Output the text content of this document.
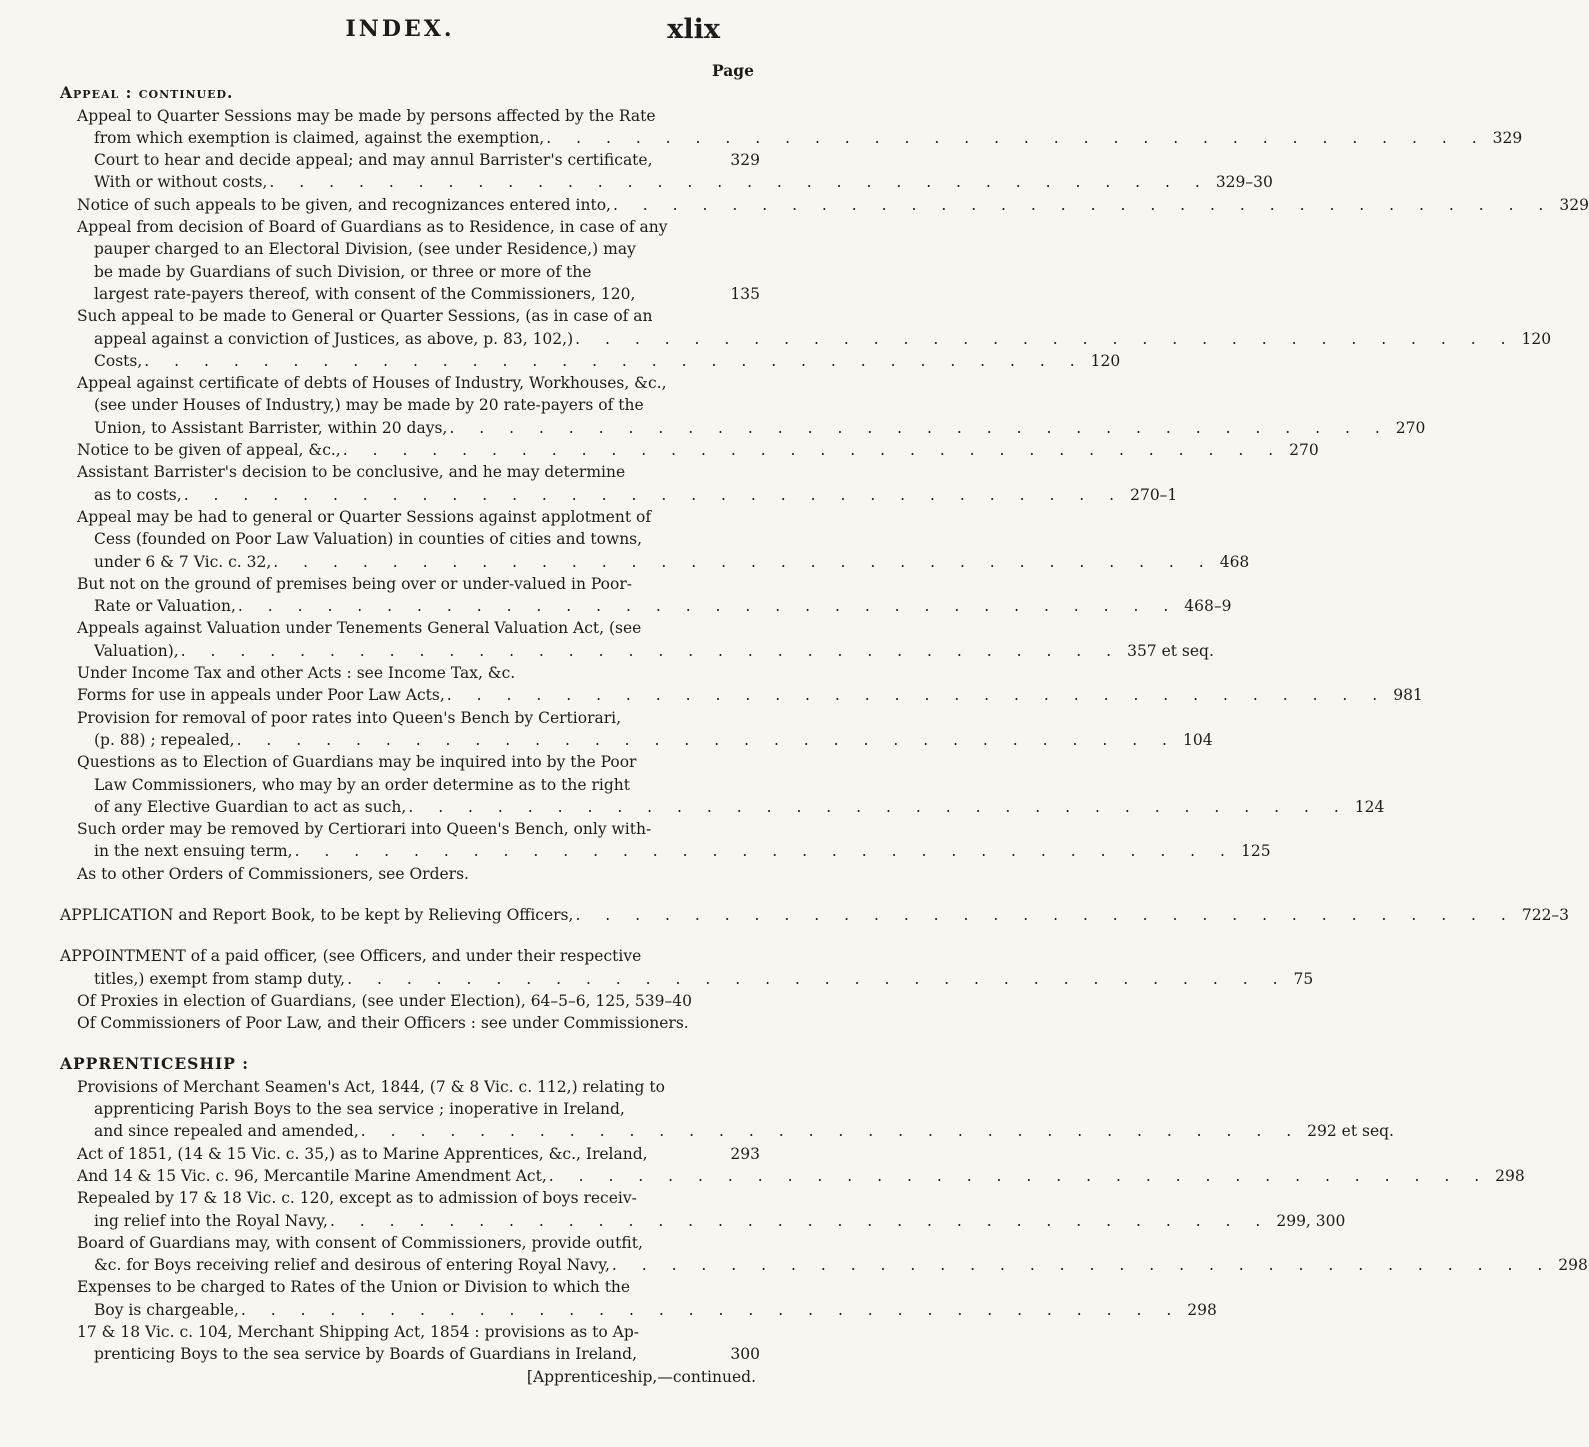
INDEX.	xlix
Page
Appeal : continued.
Appeal to Quarter Sessions may be made by persons affected by the Rate
from which exemption is claimed, against the exemption, . . . . . . . . . . . . . . . . . . . . . . . . . . . . . . . . 329
Court to hear and decide appeal; and may annul Barrister's certificate,	329
With or without costs, . . . . . . . . . . . . . . . . . . . . . . . . . . . . . . . . 329–30
Notice of such appeals to be given, and recognizances entered into, . . . . . . . . . . . . . . . . . . . . . . . . . . . . . . . . 329
Appeal from decision of Board of Guardians as to Residence, in case of any
pauper charged to an Electoral Division, (see under Residence,) may
be made by Guardians of such Division, or three or more of the
largest rate-payers thereof, with consent of the Commissioners, 120,	135
Such appeal to be made to General or Quarter Sessions, (as in case of an
appeal against a conviction of Justices, as above, p. 83, 102,) . . . . . . . . . . . . . . . . . . . . . . . . . . . . . . . . 120
Costs, . . . . . . . . . . . . . . . . . . . . . . . . . . . . . . . . 120
Appeal against certificate of debts of Houses of Industry, Workhouses, &c.,
(see under Houses of Industry,) may be made by 20 rate-payers of the
Union, to Assistant Barrister, within 20 days, . . . . . . . . . . . . . . . . . . . . . . . . . . . . . . . . 270
Notice to be given of appeal, &c., . . . . . . . . . . . . . . . . . . . . . . . . . . . . . . . . 270
Assistant Barrister's decision to be conclusive, and he may determine
as to costs, . . . . . . . . . . . . . . . . . . . . . . . . . . . . . . . . 270–1
Appeal may be had to general or Quarter Sessions against applotment of
Cess (founded on Poor Law Valuation) in counties of cities and towns,
under 6 & 7 Vic. c. 32, . . . . . . . . . . . . . . . . . . . . . . . . . . . . . . . . 468
But not on the ground of premises being over or under-valued in Poor-
Rate or Valuation, . . . . . . . . . . . . . . . . . . . . . . . . . . . . . . . . 468–9
Appeals against Valuation under Tenements General Valuation Act, (see
Valuation), . . . . . . . . . . . . . . . . . . . . . . . . . . . . . . . . 357 et seq.
Under Income Tax and other Acts : see Income Tax, &c.
Forms for use in appeals under Poor Law Acts, . . . . . . . . . . . . . . . . . . . . . . . . . . . . . . . . 981
Provision for removal of poor rates into Queen's Bench by Certiorari,
(p. 88) ; repealed, . . . . . . . . . . . . . . . . . . . . . . . . . . . . . . . . 104
Questions as to Election of Guardians may be inquired into by the Poor
Law Commissioners, who may by an order determine as to the right
of any Elective Guardian to act as such, . . . . . . . . . . . . . . . . . . . . . . . . . . . . . . . . 124
Such order may be removed by Certiorari into Queen's Bench, only with-
in the next ensuing term, . . . . . . . . . . . . . . . . . . . . . . . . . . . . . . . . 125
As to other Orders of Commissioners, see Orders.
APPLICATION and Report Book, to be kept by Relieving Officers, . . . . . . . . . . . . . . . . . . . . . . . . . . . . . . . . 722–3
APPOINTMENT of a paid officer, (see Officers, and under their respective
titles,) exempt from stamp duty, . . . . . . . . . . . . . . . . . . . . . . . . . . . . . . . . 75
Of Proxies in election of Guardians, (see under Election), 64–5–6, 125, 539–40
Of Commissioners of Poor Law, and their Officers : see under Commissioners.
APPRENTICESHIP :
Provisions of Merchant Seamen's Act, 1844, (7 & 8 Vic. c. 112,) relating to
apprenticing Parish Boys to the sea service ; inoperative in Ireland,
and since repealed and amended, . . . . . . . . . . . . . . . . . . . . . . . . . . . . . . . . 292 et seq.
Act of 1851, (14 & 15 Vic. c. 35,) as to Marine Apprentices, &c., Ireland,	293
And 14 & 15 Vic. c. 96, Mercantile Marine Amendment Act, . . . . . . . . . . . . . . . . . . . . . . . . . . . . . . . . 298
Repealed by 17 & 18 Vic. c. 120, except as to admission of boys receiv-
ing relief into the Royal Navy, . . . . . . . . . . . . . . . . . . . . . . . . . . . . . . . . 299, 300
Board of Guardians may, with consent of Commissioners, provide outfit,
&c. for Boys receiving relief and desirous of entering Royal Navy, . . . . . . . . . . . . . . . . . . . . . . . . . . . . . . . . 298
Expenses to be charged to Rates of the Union or Division to which the
Boy is chargeable, . . . . . . . . . . . . . . . . . . . . . . . . . . . . . . . . 298
17 & 18 Vic. c. 104, Merchant Shipping Act, 1854 : provisions as to Ap-
prenticing Boys to the sea service by Boards of Guardians in Ireland,	300
[Apprenticeship,—continued.
